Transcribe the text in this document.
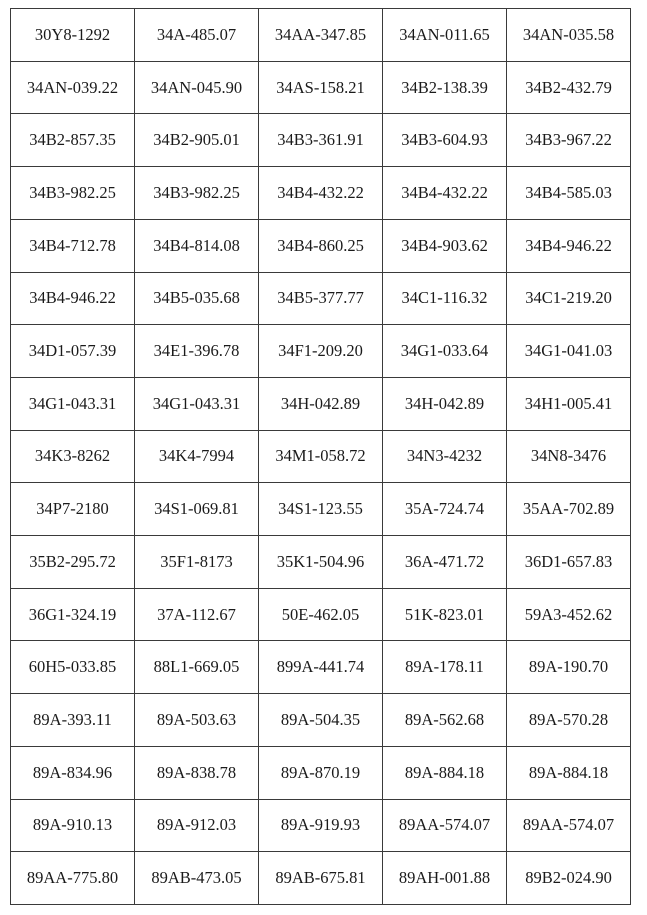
30Y8-1292	34A-485.07	34AA-347.85	34AN-011.65	34AN-035.58
34AN-039.22	34AN-045.90	34AS-158.21	34B2-138.39	34B2-432.79
34B2-857.35	34B2-905.01	34B3-361.91	34B3-604.93	34B3-967.22
34B3-982.25	34B3-982.25	34B4-432.22	34B4-432.22	34B4-585.03
34B4-712.78	34B4-814.08	34B4-860.25	34B4-903.62	34B4-946.22
34B4-946.22	34B5-035.68	34B5-377.77	34C1-116.32	34C1-219.20
34D1-057.39	34E1-396.78	34F1-209.20	34G1-033.64	34G1-041.03
34G1-043.31	34G1-043.31	34H-042.89	34H-042.89	34H1-005.41
34K3-8262	34K4-7994	34M1-058.72	34N3-4232	34N8-3476
34P7-2180	34S1-069.81	34S1-123.55	35A-724.74	35AA-702.89
35B2-295.72	35F1-8173	35K1-504.96	36A-471.72	36D1-657.83
36G1-324.19	37A-112.67	50E-462.05	51K-823.01	59A3-452.62
60H5-033.85	88L1-669.05	899A-441.74	89A-178.11	89A-190.70
89A-393.11	89A-503.63	89A-504.35	89A-562.68	89A-570.28
89A-834.96	89A-838.78	89A-870.19	89A-884.18	89A-884.18
89A-910.13	89A-912.03	89A-919.93	89AA-574.07	89AA-574.07
89AA-775.80	89AB-473.05	89AB-675.81	89AH-001.88	89B2-024.90
